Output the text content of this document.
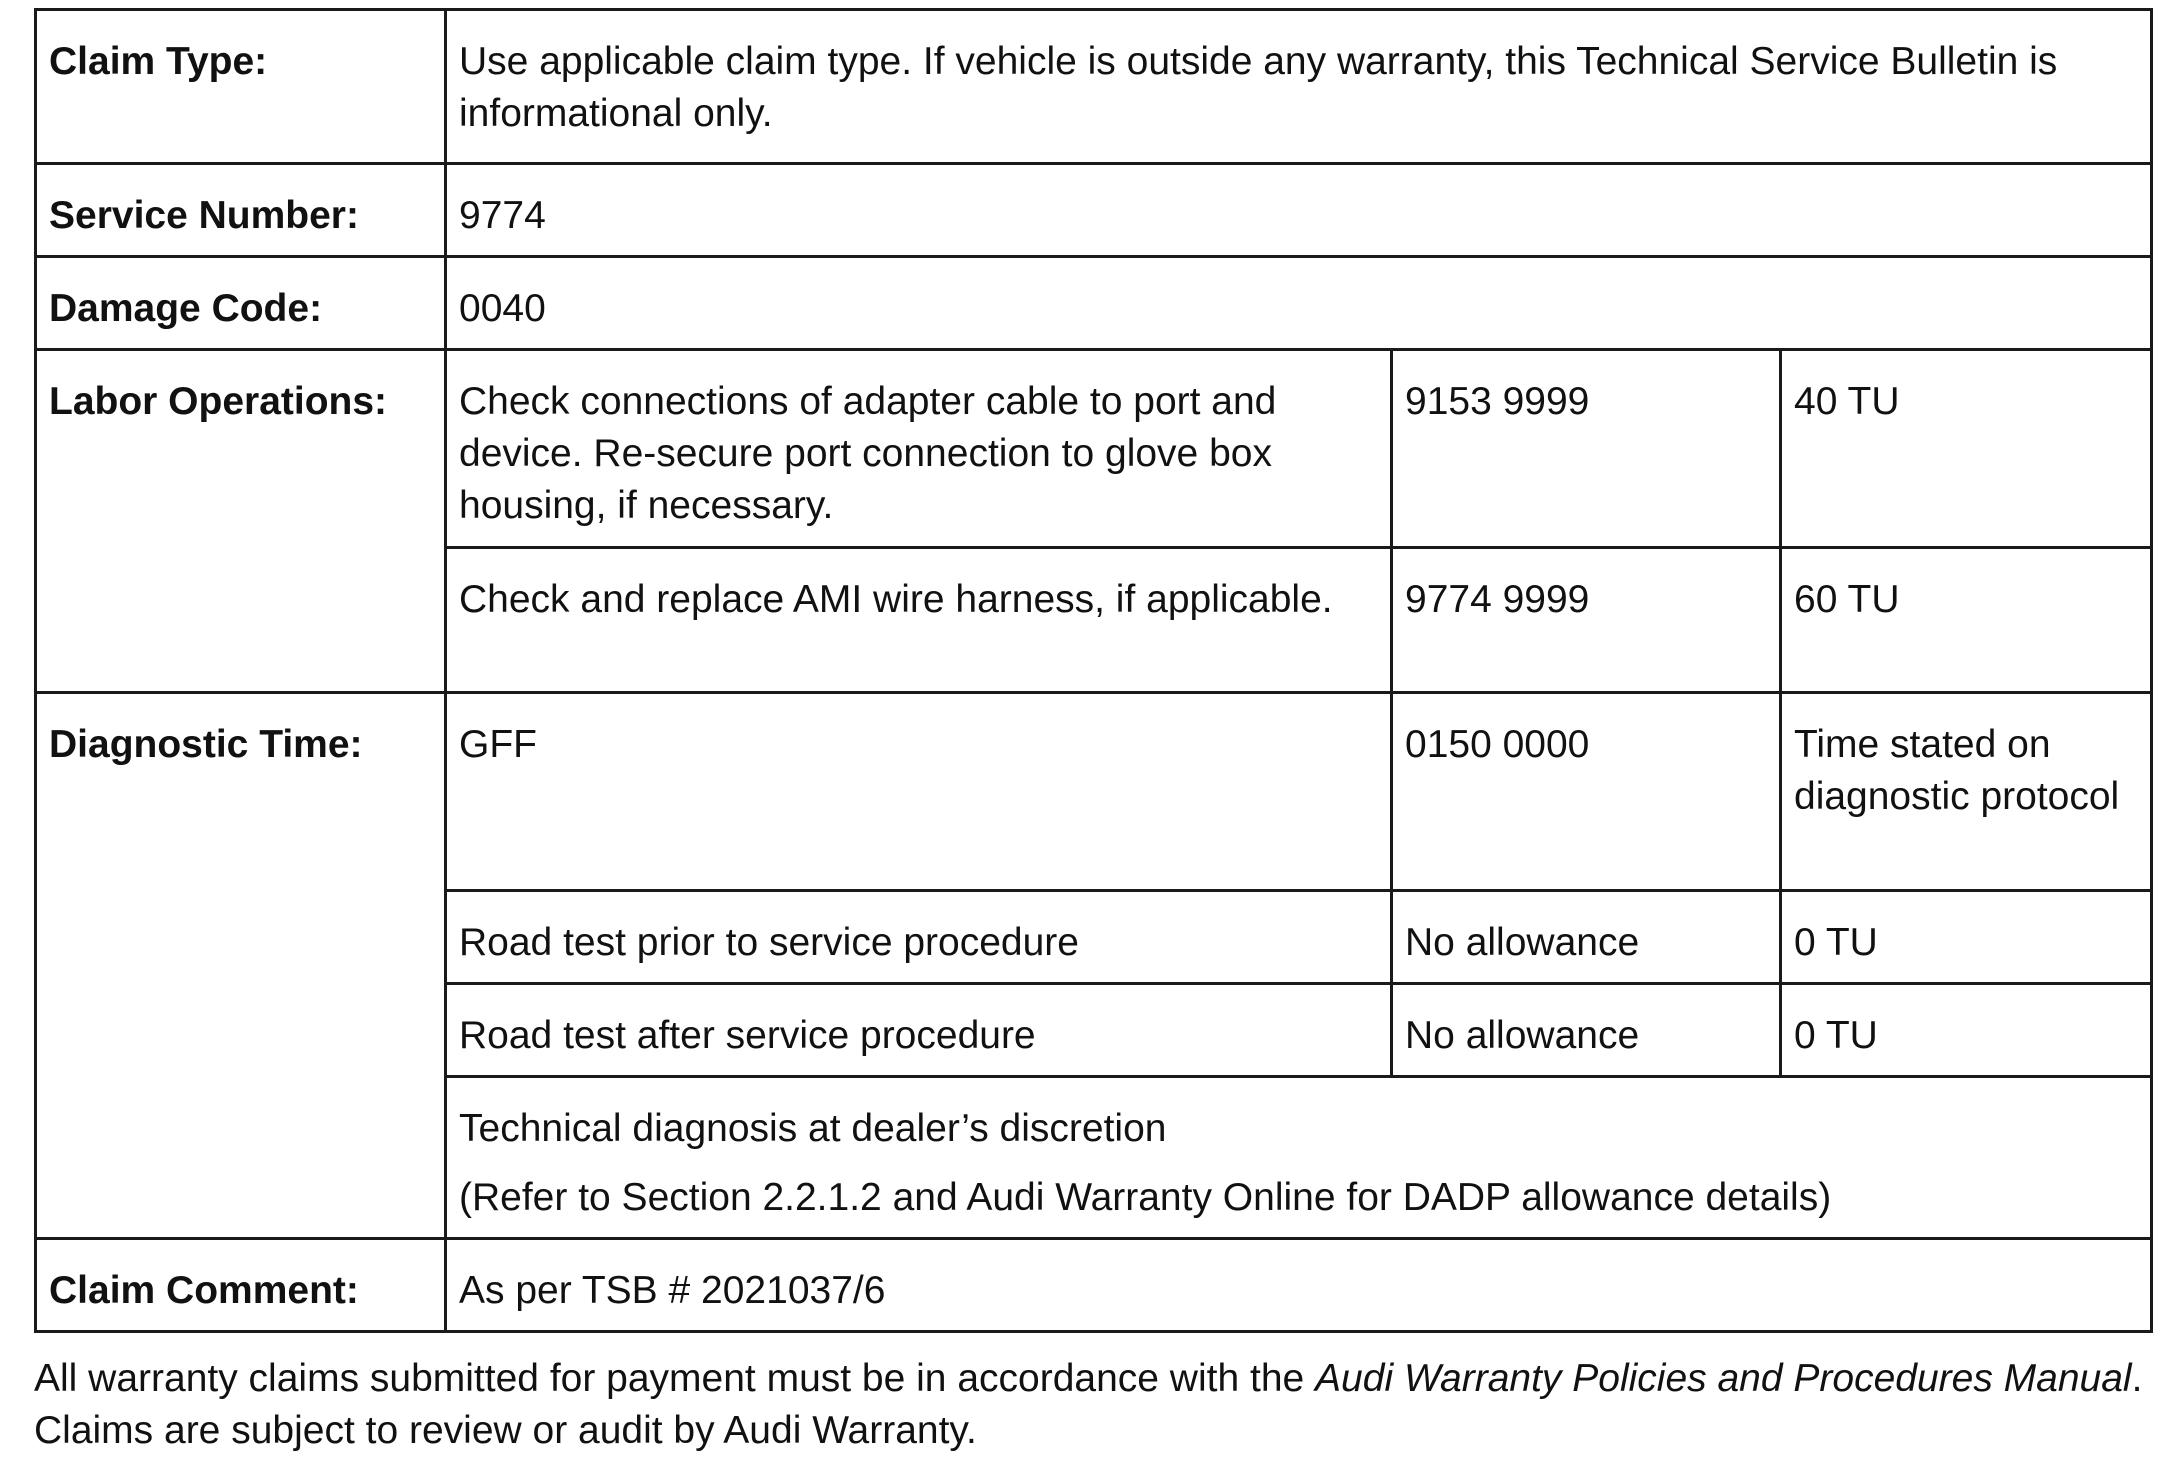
Claim Type:	Use applicable claim type. If vehicle is outside any warranty, this Technical Service Bulletin is informational only.		
Service Number:	9774		
Damage Code:	0040		
Labor Operations:	Check connections of adapter cable to port and device. Re-secure port connection to glove box housing, if necessary.	9153 9999	40 TU
	Check and replace AMI wire harness, if applicable.	9774 9999	60 TU
Diagnostic Time:	GFF	0150 0000	Time stated on diagnostic protocol
	Road test prior to service procedure	No allowance	0 TU
	Road test after service procedure	No allowance	0 TU

	Technical diagnosis at dealer’s discretion
(Refer to Section 2.2.1.2 and Audi Warranty Online for DADP allowance details)		

Claim Comment:	As per TSB # 2021037/6		
All warranty claims submitted for payment must be in accordance with the Audi Warranty Policies and Procedures Manual. Claims are subject to review or audit by Audi Warranty.
